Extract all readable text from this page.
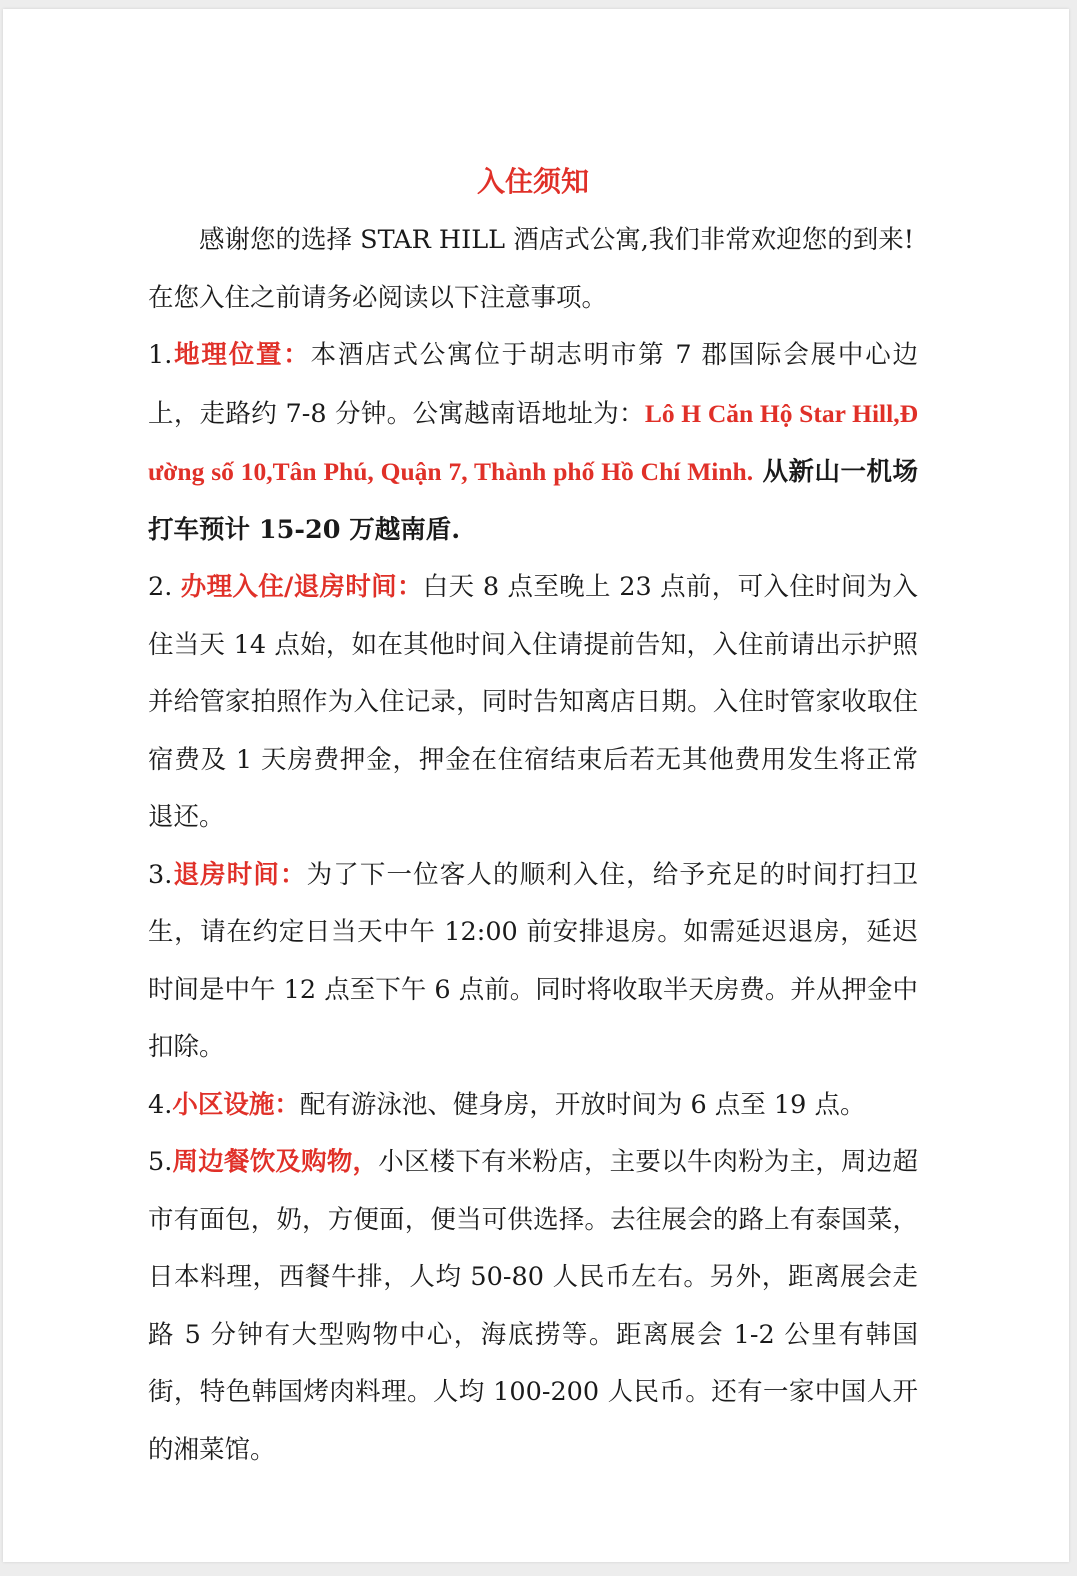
入住须知

感谢您的选择 STAR HILL 酒店式公寓,我们非常欢迎您的到来!

在您入住之前请务必阅读以下注意事项。

1.地理位置：本酒店式公寓位于胡志明市第 7 郡国际会展中心边上，走路约 7-8 分钟。公寓越南语地址为：Lô H Căn Hộ Star Hill,Đường số 10,Tân Phú, Quận 7, Thành phố Hồ Chí Minh. 从新山一机场打车预计 15-20 万越南盾.

2. 办理入住/退房时间：白天 8 点至晚上 23 点前，可入住时间为入住当天 14 点始，如在其他时间入住请提前告知，入住前请出示护照并给管家拍照作为入住记录，同时告知离店日期。入住时管家收取住宿费及 1 天房费押金，押金在住宿结束后若无其他费用发生将正常退还。

3.退房时间：为了下一位客人的顺利入住，给予充足的时间打扫卫生，请在约定日当天中午 12:00 前安排退房。如需延迟退房，延迟时间是中午 12 点至下午 6 点前。同时将收取半天房费。并从押金中扣除。

4.小区设施：配有游泳池、健身房，开放时间为 6 点至 19 点。

5.周边餐饮及购物，小区楼下有米粉店，主要以牛肉粉为主，周边超市有面包，奶，方便面，便当可供选择。去往展会的路上有泰国菜，日本料理，西餐牛排，人均 50-80 人民币左右。另外，距离展会走路 5 分钟有大型购物中心，海底捞等。距离展会 1-2 公里有韩国街，特色韩国烤肉料理。人均 100-200 人民币。还有一家中国人开的湘菜馆。
